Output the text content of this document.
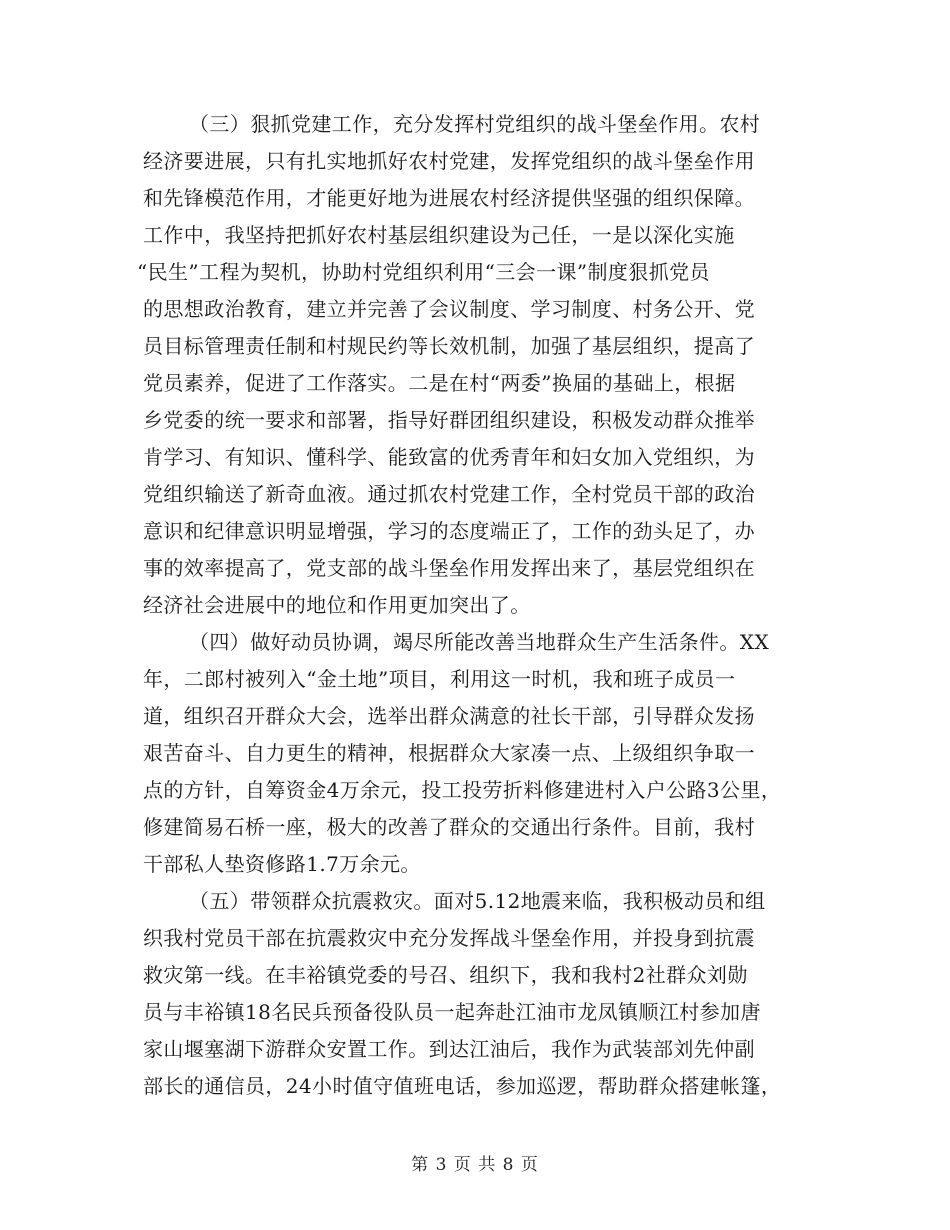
（三）狠抓党建工作，充分发挥村党组织的战斗堡垒作用。农村
经济要进展，只有扎实地抓好农村党建，发挥党组织的战斗堡垒作用
和先锋模范作用，才能更好地为进展农村经济提供坚强的组织保障。
工作中，我坚持把抓好农村基层组织建设为己任，一是以深化实施
“民生”工程为契机，协助村党组织利用“三会一课”制度狠抓党员
的思想政治教育，建立并完善了会议制度、学习制度、村务公开、党
员目标管理责任制和村规民约等长效机制，加强了基层组织，提高了
党员素养，促进了工作落实。二是在村“两委”换届的基础上，根据
乡党委的统一要求和部署，指导好群团组织建设，积极发动群众推举
肯学习、有知识、懂科学、能致富的优秀青年和妇女加入党组织，为
党组织输送了新奇血液。通过抓农村党建工作，全村党员干部的政治
意识和纪律意识明显增强，学习的态度端正了，工作的劲头足了，办
事的效率提高了，党支部的战斗堡垒作用发挥出来了，基层党组织在
经济社会进展中的地位和作用更加突出了。
（四）做好动员协调，竭尽所能改善当地群众生产生活条件。XX
年，二郎村被列入“金土地”项目，利用这一时机，我和班子成员一
道，组织召开群众大会，选举出群众满意的社长干部，引导群众发扬
艰苦奋斗、自力更生的精神，根据群众大家凑一点、上级组织争取一
点的方针，自筹资金4万余元，投工投劳折料修建进村入户公路3公里，
修建简易石桥一座，极大的改善了群众的交通出行条件。目前，我村
干部私人垫资修路1.7万余元。
（五）带领群众抗震救灾。面对5.12地震来临，我积极动员和组
织我村党员干部在抗震救灾中充分发挥战斗堡垒作用，并投身到抗震
救灾第一线。在丰裕镇党委的号召、组织下，我和我村2社群众刘勋
员与丰裕镇18名民兵预备役队员一起奔赴江油市龙凤镇顺江村参加唐
家山堰塞湖下游群众安置工作。到达江油后，我作为武装部刘先仲副
部长的通信员，24小时值守值班电话，参加巡逻，帮助群众搭建帐篷，
第 3 页 共 8 页
